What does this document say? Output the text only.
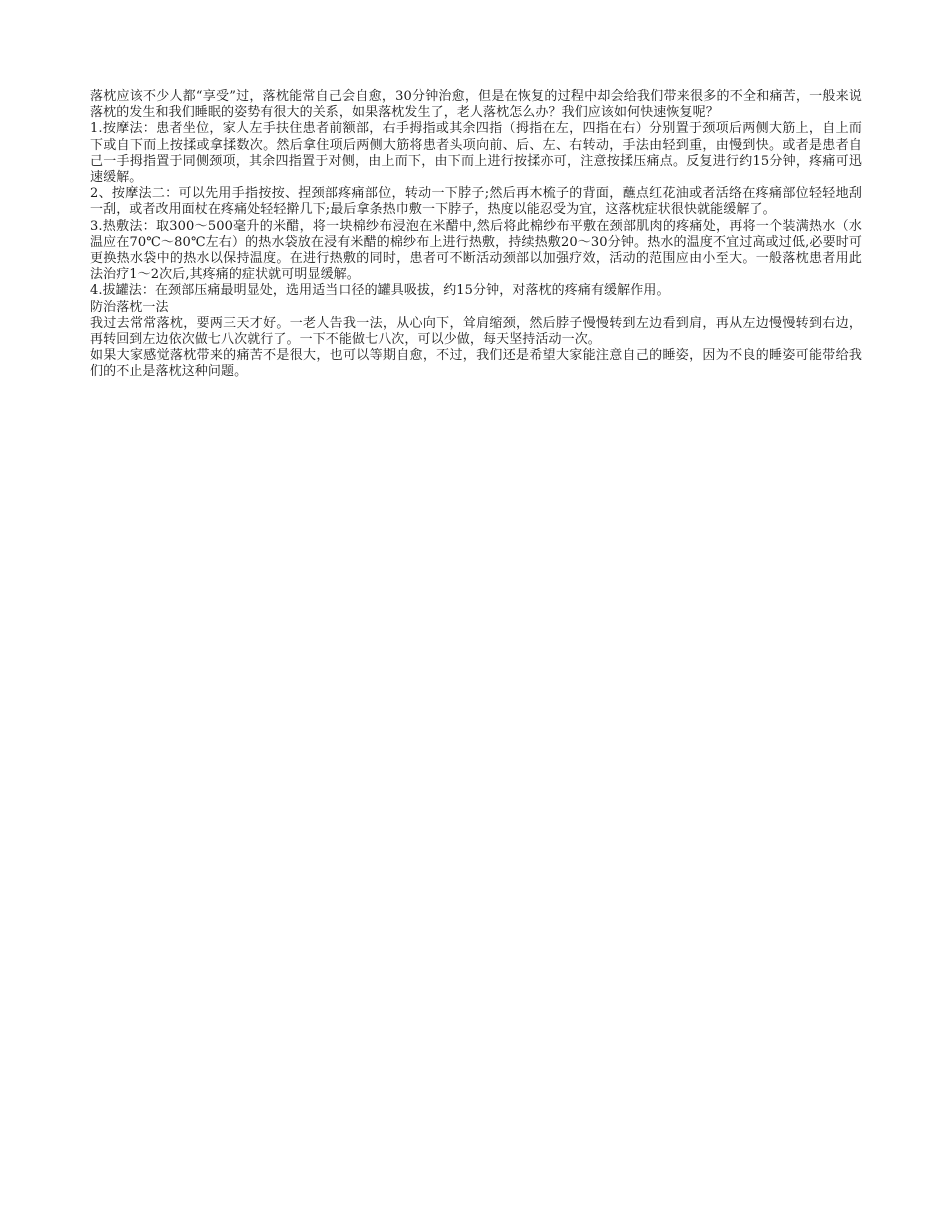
落枕应该不少人都“享受”过，落枕能常自己会自愈，30分钟治愈，但是在恢复的过程中却会给我们带来很多的不全和痛苦，一般来说落枕的发生和我们睡眠的姿势有很大的关系，如果落枕发生了，老人落枕怎么办？我们应该如何快速恢复呢？

1.按摩法：患者坐位，家人左手扶住患者前额部，右手拇指或其余四指（拇指在左，四指在右）分别置于颈项后两侧大筋上，自上而下或自下而上按揉或拿揉数次。然后拿住项后两侧大筋将患者头项向前、后、左、右转动，手法由轻到重，由慢到快。或者是患者自己一手拇指置于同侧颈项，其余四指置于对侧，由上而下，由下而上进行按揉亦可，注意按揉压痛点。反复进行约15分钟，疼痛可迅速缓解。

2、按摩法二：可以先用手指按按、捏颈部疼痛部位，转动一下脖子;然后再木梳子的背面，蘸点红花油或者活络在疼痛部位轻轻地刮一刮，或者改用面杖在疼痛处轻轻擀几下;最后拿条热巾敷一下脖子，热度以能忍受为宜，这落枕症状很快就能缓解了。

3.热敷法：取300～500毫升的米醋，将一块棉纱布浸泡在米醋中,然后将此棉纱布平敷在颈部肌肉的疼痛处，再将一个装满热水（水温应在70℃～80℃左右）的热水袋放在浸有米醋的棉纱布上进行热敷，持续热敷20～30分钟。热水的温度不宜过高或过低,必要时可更换热水袋中的热水以保持温度。在进行热敷的同时，患者可不断活动颈部以加强疗效，活动的范围应由小至大。一般落枕患者用此法治疗1～2次后,其疼痛的症状就可明显缓解。

4.拔罐法：在颈部压痛最明显处，选用适当口径的罐具吸拔，约15分钟，对落枕的疼痛有缓解作用。

防治落枕一法

我过去常常落枕，要两三天才好。一老人告我一法，从心向下，耸肩缩颈，然后脖子慢慢转到左边看到肩，再从左边慢慢转到右边，再转回到左边依次做七八次就行了。一下不能做七八次，可以少做，每天坚持活动一次。

如果大家感觉落枕带来的痛苦不是很大，也可以等期自愈，不过，我们还是希望大家能注意自己的睡姿，因为不良的睡姿可能带给我们的不止是落枕这种问题。
